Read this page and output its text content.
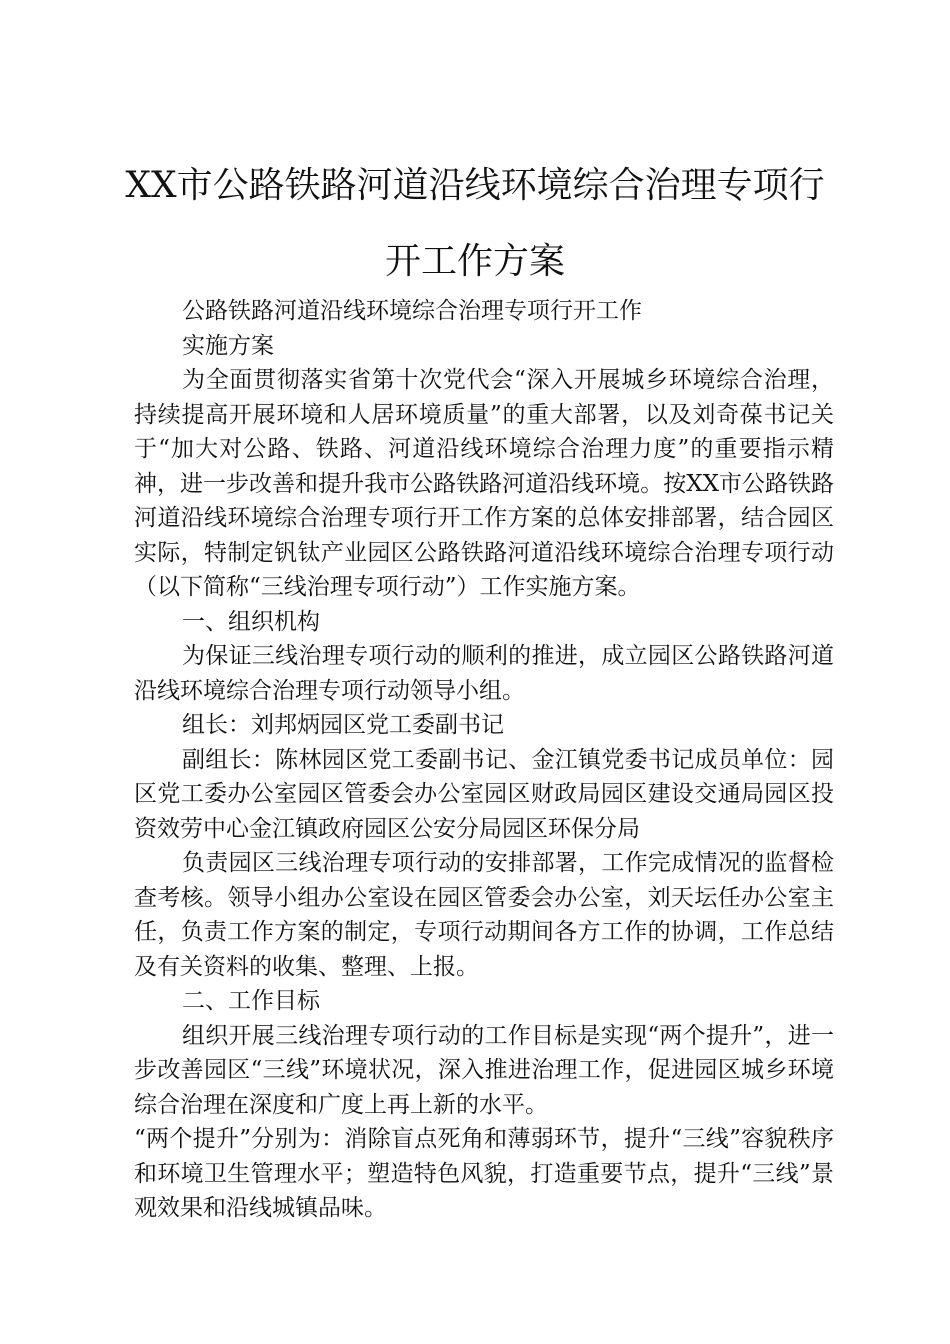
XX市公路铁路河道沿线环境综合治理专项行
开工作方案

公路铁路河道沿线环境综合治理专项行开工作

实施方案

为全面贯彻落实省第十次党代会“深入开展城乡环境综合治理，持续提高开展环境和人居环境质量”的重大部署，以及刘奇葆书记关于“加大对公路、铁路、河道沿线环境综合治理力度”的重要指示精神，进一步改善和提升我市公路铁路河道沿线环境。按XX市公路铁路河道沿线环境综合治理专项行开工作方案的总体安排部署，结合园区实际，特制定钒钛产业园区公路铁路河道沿线环境综合治理专项行动（以下简称“三线治理专项行动”）工作实施方案。

一、组织机构

为保证三线治理专项行动的顺利的推进，成立园区公路铁路河道沿线环境综合治理专项行动领导小组。

组长：刘邦炳园区党工委副书记

副组长：陈林园区党工委副书记、金江镇党委书记成员单位：园区党工委办公室园区管委会办公室园区财政局园区建设交通局园区投资效劳中心金江镇政府园区公安分局园区环保分局

负责园区三线治理专项行动的安排部署，工作完成情况的监督检查考核。领导小组办公室设在园区管委会办公室，刘天坛任办公室主任，负责工作方案的制定，专项行动期间各方工作的协调，工作总结及有关资料的收集、整理、上报。

二、工作目标

组织开展三线治理专项行动的工作目标是实现“两个提升”，进一步改善园区“三线”环境状况，深入推进治理工作，促进园区城乡环境综合治理在深度和广度上再上新的水平。

“两个提升”分别为：消除盲点死角和薄弱环节，提升“三线”容貌秩序和环境卫生管理水平；塑造特色风貌，打造重要节点，提升“三线”景观效果和沿线城镇品味。
